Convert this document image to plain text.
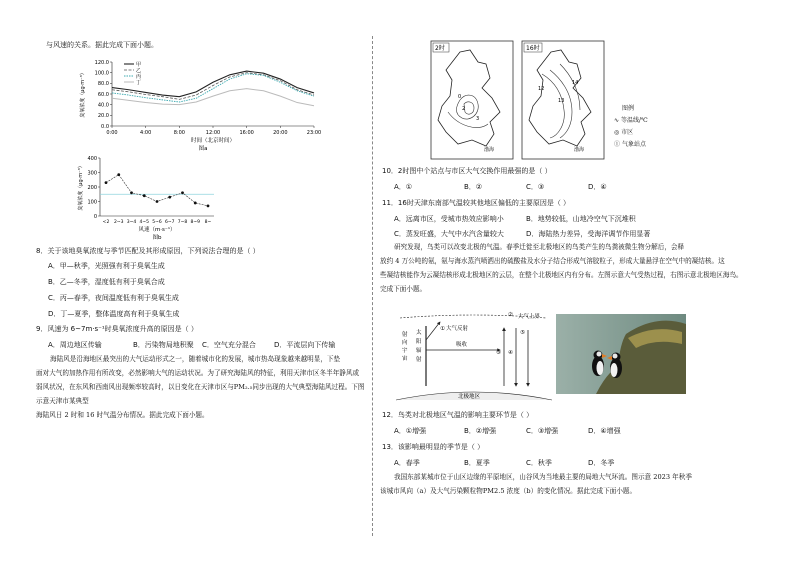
与风速的关系。据此完成下面小题。
0.0
20.0
40.0
60.0
80.0
100.0
120.0
0:00	4:00	8:00	12:00	16:00	20:00	23:00
时间（北京时间）
图a
臭氧浓度（μg·m⁻³）
甲
乙
丙
丁
0
100
200
300
400
<2 2~3 3~4 4~5 5~6 6~7 7~8 8~9 8~
风速（m·s⁻¹）
图b
臭氧浓度（μg·m⁻³）
8．关于该地臭氧浓度与季节匹配及其形成原因，下列说法合理的是（ ）
A．甲—秋季，光照强有利于臭氧生成
B．乙—冬季，湿度低有利于臭氧合成
C．丙—春季，夜间温度低有利于臭氧生成
D．丁—夏季，整体温度高有利于臭氧生成
9．风速为 6~7m·s⁻¹时臭氧浓度升高的原因是（ ）
A．周边地区传输	B．污染物局地积聚 C．空气充分混合	D．平流层向下传输
海陆风是沿海地区最突出的大气运动形式之一，随着城市化的发展，城市热岛现象越来越明显，下垫
面对大气的加热作用有所改变，必然影响大气的运动状况。为了研究海陆风的特征，利用天津市区冬半年静风或
弱风状况，在东风和西南风出现频率较高时，以日变化在天津市区与PM₂.₅同步出现的大气典型海陆风过程。下图示意天津市某典型
海陆风日 2 时和 16 时气温分布情况。据此完成下面小题。
2时	16时
0
2
3
渤海
12
13
14
渤海
图例
∿ 等温线/℃
◎ 市区
① 气象站点
10．2时图中个站点与市区大气交换作用最强的是（ ）
A．①	B．②	C．③	D．④
11．16时天津东南部气温较其他地区偏低的主要原因是（ ）
A．远离市区，受城市热效应影响小	B．地势较低，山地冷空气下沉堆积
C．蒸发旺盛，大气中水汽含量较大	D．海陆热力差异，受海洋调节作用显著
研究发现，鸟类可以改变北极的气温。春季迁徙至北极地区的鸟类产生的鸟粪被微生物分解后，会释
放约 4 万公吨的氨，氨与海水蒸汽喷洒出的硫酸盐及水分子结合形成气溶胶粒子，形成大量悬浮在空气中的凝结核。这
些凝结核能作为云凝结核形成北极地区的云层，在整个北极地区内有分布。左图示意大气受热过程，右图示意北极地区海鸟。
完成下面小题。
大气上界
②
北极地区
射
向
宇
宙
太
阳
辐
射
① 大气反射
吸收
③ ④
⑤
12．鸟类对北极地区气温的影响主要环节是（ ）
A．①增强	B．②增强	C．③增强	D．④增强
13．该影响最明显的季节是（ ）
A．春季	B．夏季	C．秋季	D．冬季
我国东部某城市位于山区边缘的平原地区，山谷风为当地最主要的局地大气环流。图示意 2023 年秋季
该城市风向（a）及大气污染颗粒物PM2.5 浓度（b）的变化情况。据此完成下面小题。
